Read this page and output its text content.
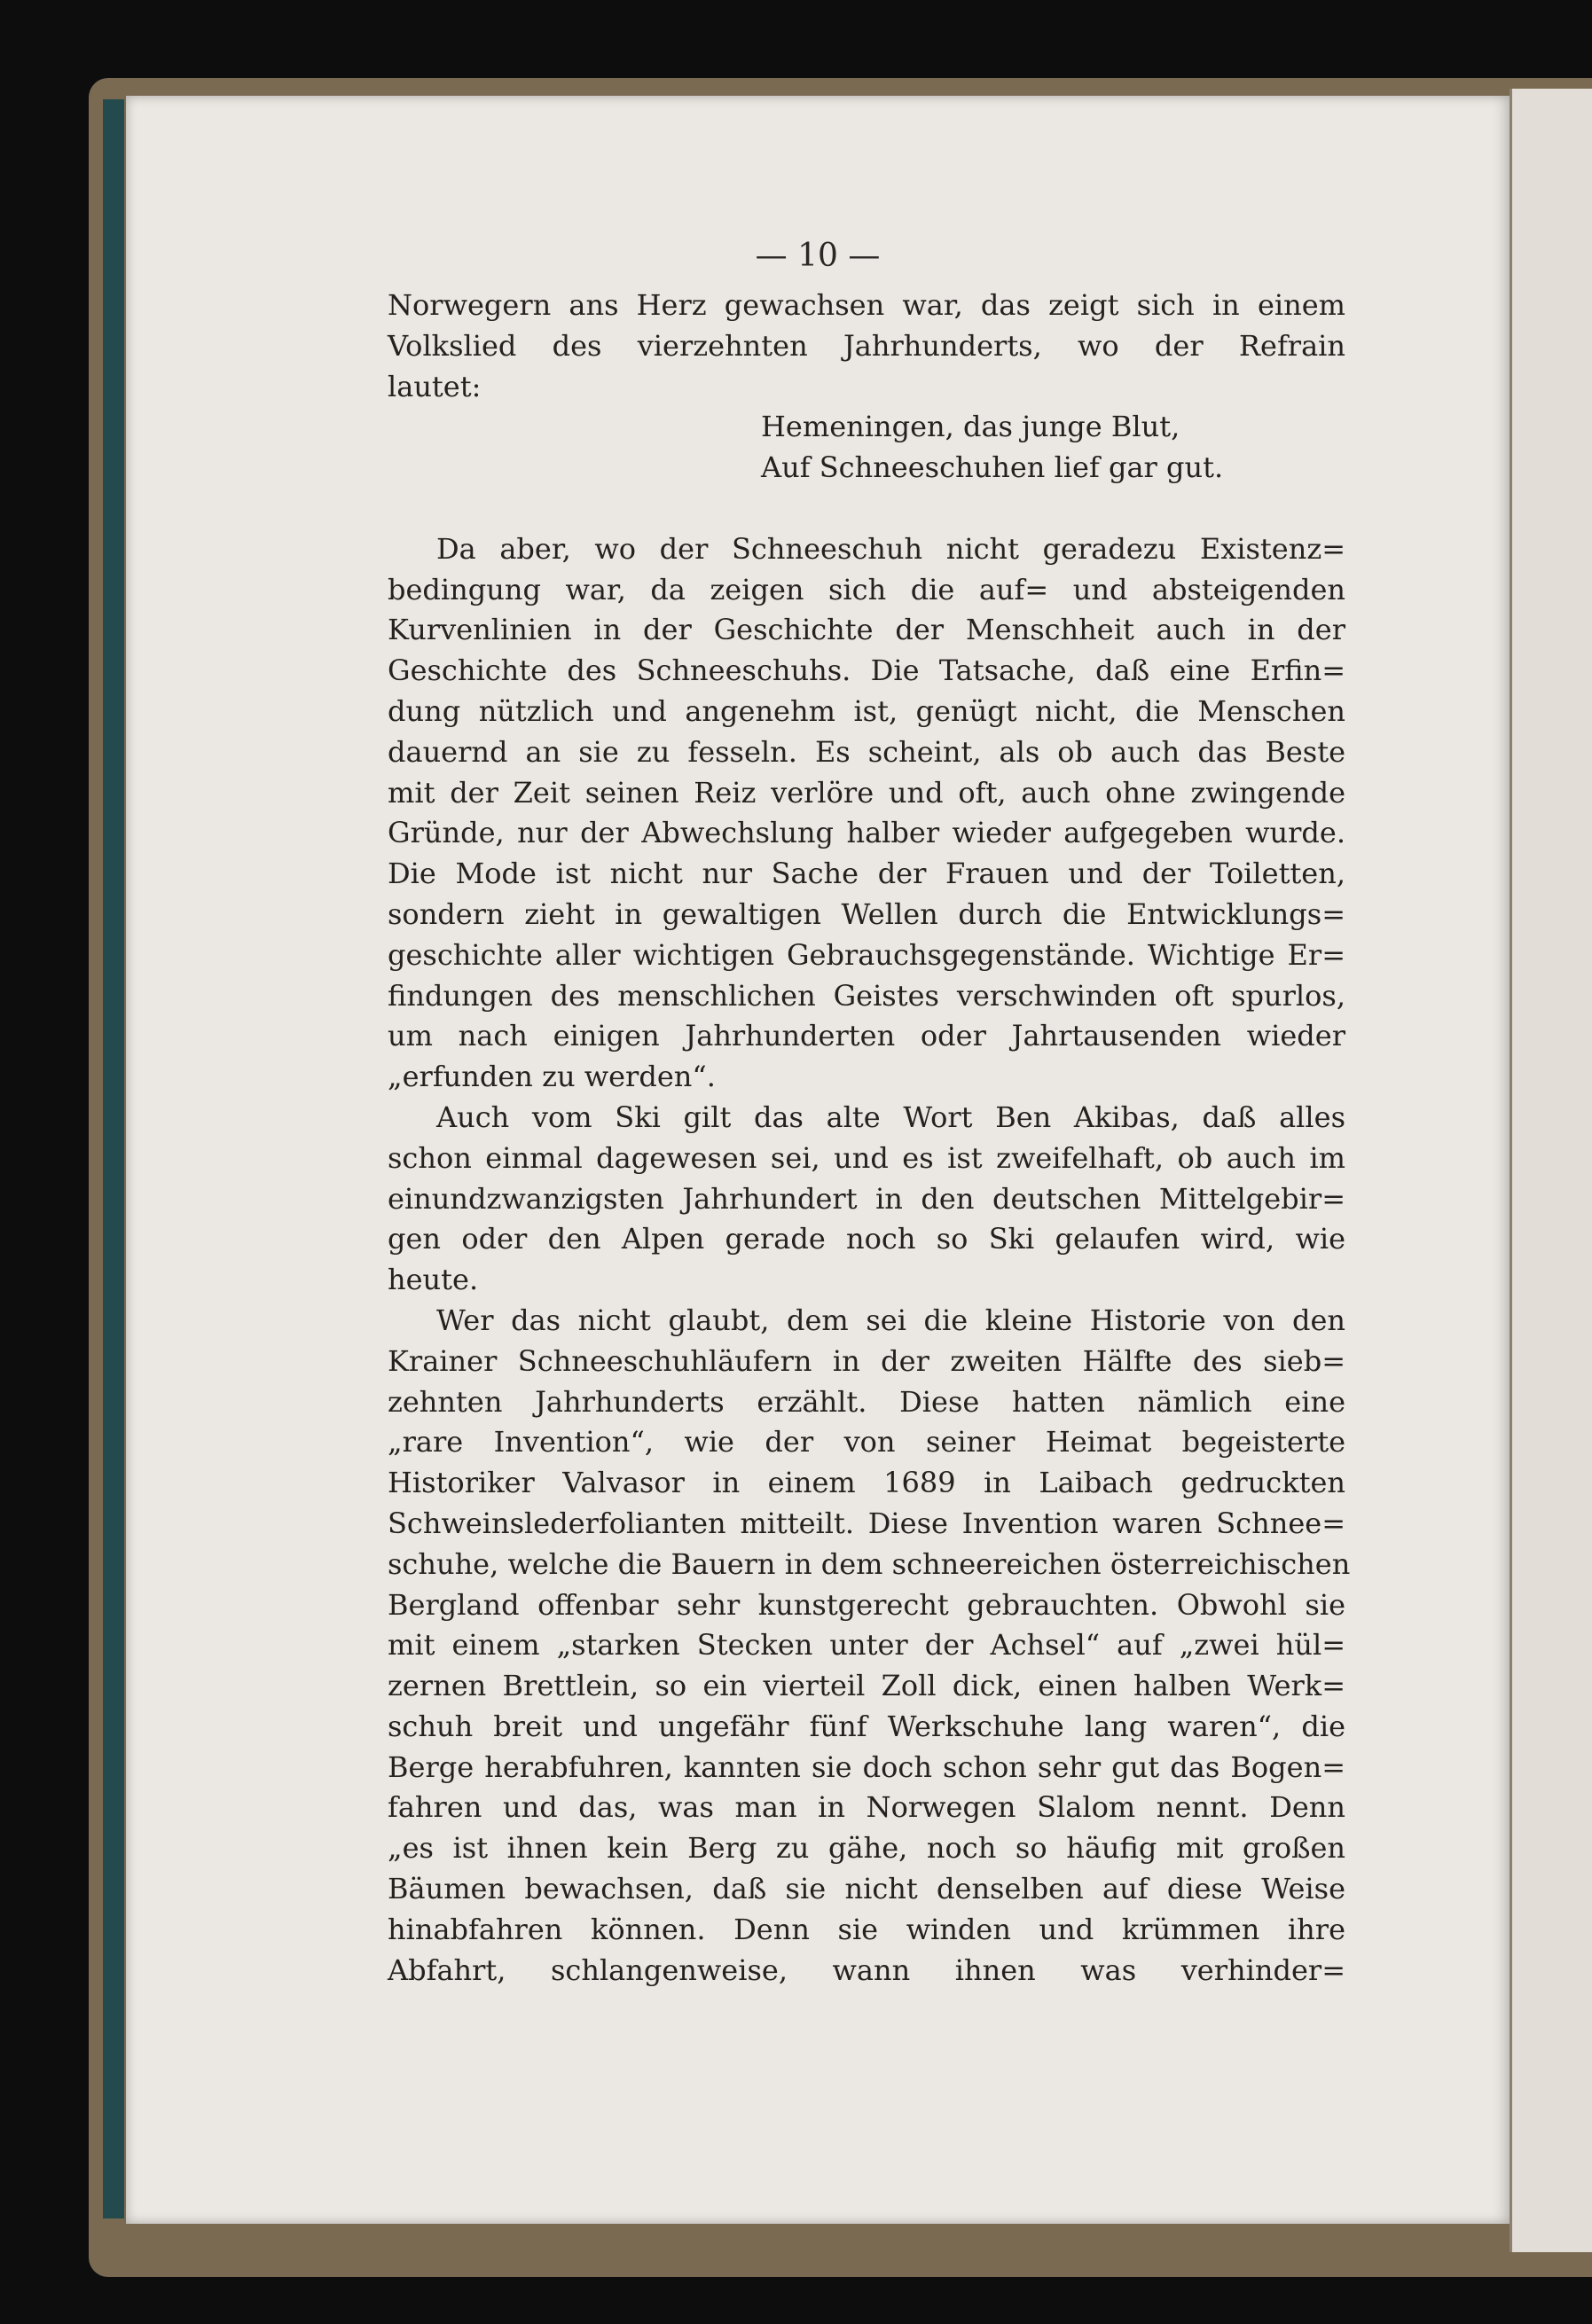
— 10 —
Norwegern ans Herz gewachsen war, das zeigt sich in einem
Volkslied des vierzehnten Jahrhunderts, wo der Refrain
lautet:
Hemeningen, das junge Blut,
Auf Schneeschuhen lief gar gut.
Da aber, wo der Schneeschuh nicht geradezu Existenz=
bedingung war, da zeigen sich die auf= und absteigenden
Kurvenlinien in der Geschichte der Menschheit auch in der
Geschichte des Schneeschuhs. Die Tatsache, daß eine Erfin=
dung nützlich und angenehm ist, genügt nicht, die Menschen
dauernd an sie zu fesseln. Es scheint, als ob auch das Beste
mit der Zeit seinen Reiz verlöre und oft, auch ohne zwingende
Gründe, nur der Abwechslung halber wieder aufgegeben wurde.
Die Mode ist nicht nur Sache der Frauen und der Toiletten,
sondern zieht in gewaltigen Wellen durch die Entwicklungs=
geschichte aller wichtigen Gebrauchsgegenstände. Wichtige Er=
findungen des menschlichen Geistes verschwinden oft spurlos,
um nach einigen Jahrhunderten oder Jahrtausenden wieder
„erfunden zu werden“.
Auch vom Ski gilt das alte Wort Ben Akibas, daß alles
schon einmal dagewesen sei, und es ist zweifelhaft, ob auch im
einundzwanzigsten Jahrhundert in den deutschen Mittelgebir=
gen oder den Alpen gerade noch so Ski gelaufen wird, wie
heute.
Wer das nicht glaubt, dem sei die kleine Historie von den
Krainer Schneeschuhläufern in der zweiten Hälfte des sieb=
zehnten Jahrhunderts erzählt. Diese hatten nämlich eine
„rare Invention“, wie der von seiner Heimat begeisterte
Historiker Valvasor in einem 1689 in Laibach gedruckten
Schweinslederfolianten mitteilt. Diese Invention waren Schnee=
schuhe, welche die Bauern in dem schneereichen österreichischen
Bergland offenbar sehr kunstgerecht gebrauchten. Obwohl sie
mit einem „starken Stecken unter der Achsel“ auf „zwei hül=
zernen Brettlein, so ein vierteil Zoll dick, einen halben Werk=
schuh breit und ungefähr fünf Werkschuhe lang waren“, die
Berge herabfuhren, kannten sie doch schon sehr gut das Bogen=
fahren und das, was man in Norwegen Slalom nennt. Denn
„es ist ihnen kein Berg zu gähe, noch so häufig mit großen
Bäumen bewachsen, daß sie nicht denselben auf diese Weise
hinabfahren können. Denn sie winden und krümmen ihre
Abfahrt, schlangenweise, wann ihnen was verhinder=
